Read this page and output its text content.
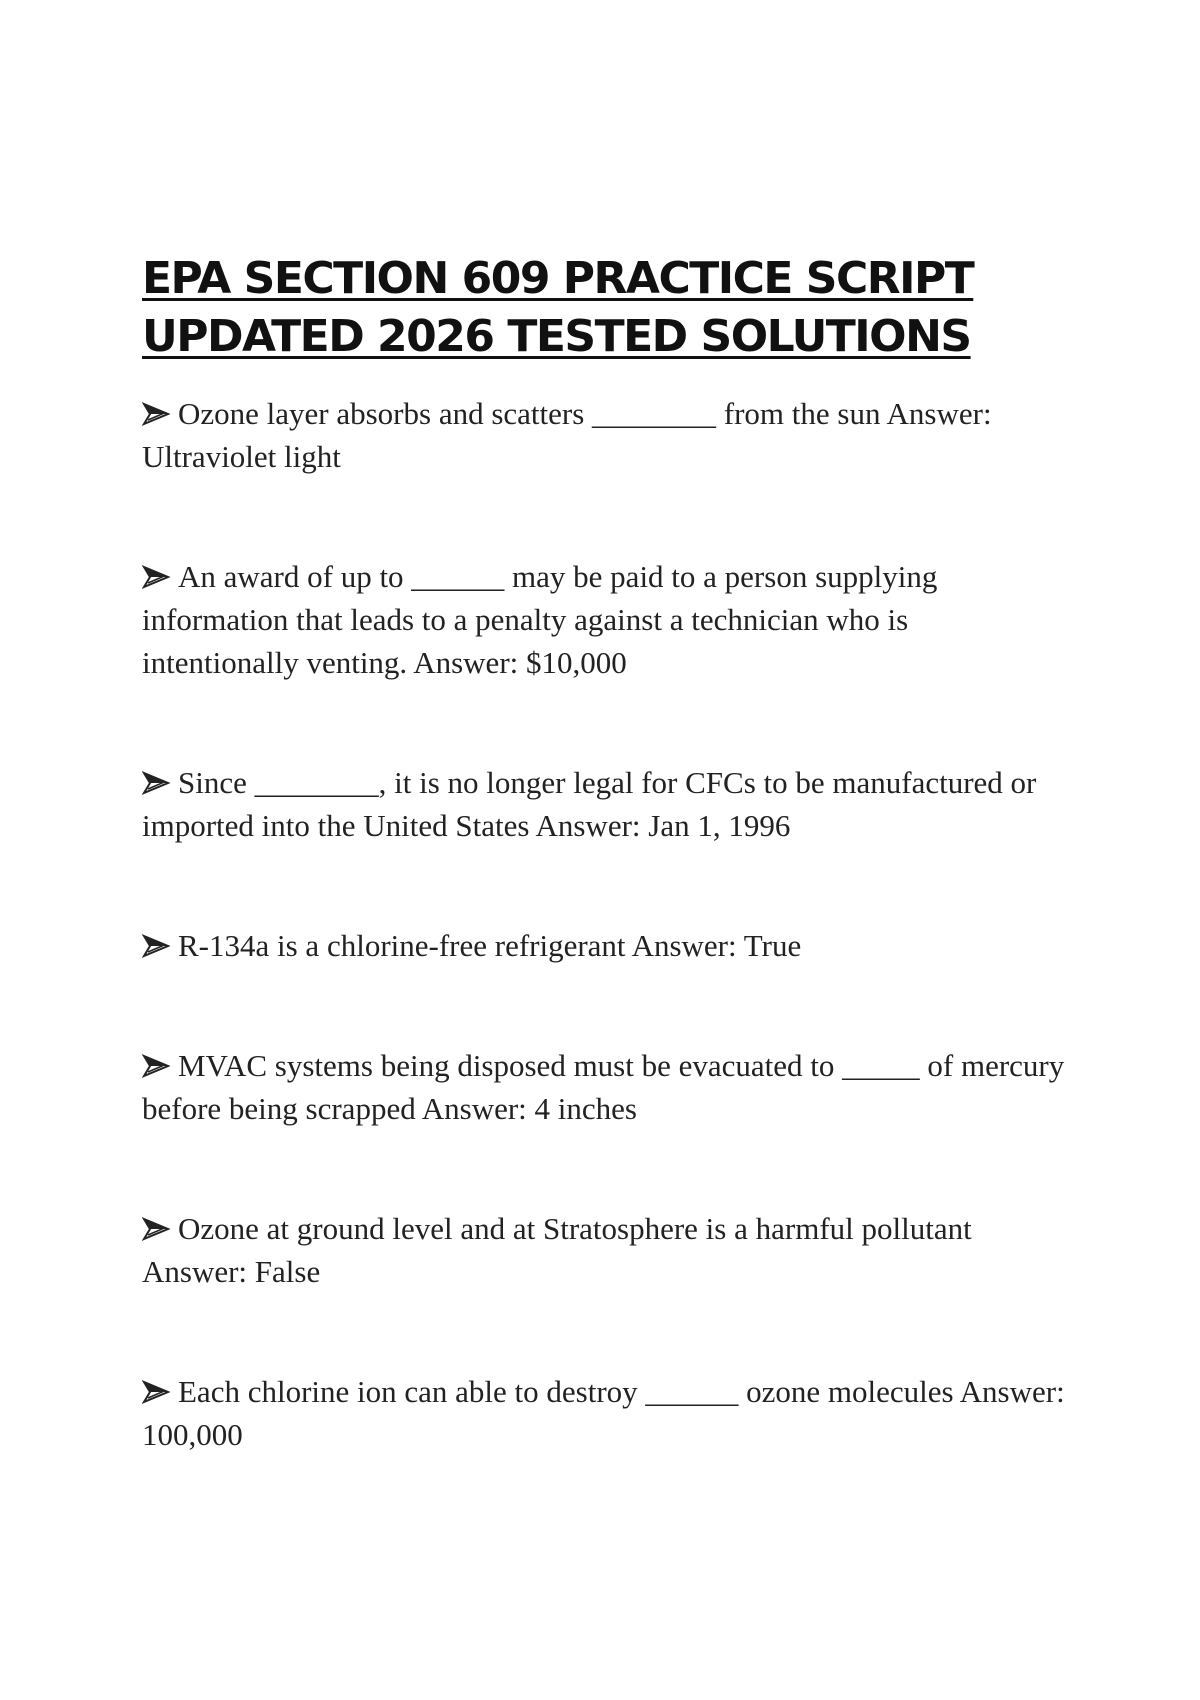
EPA SECTION 609 PRACTICE SCRIPT
UPDATED 2026 TESTED SOLUTIONS

Ozone layer absorbs and scatters ________ from the sun Answer: Ultraviolet light

An award of up to ______ may be paid to a person supplying information that leads to a penalty against a technician who is intentionally venting. Answer: $10,000

Since ________, it is no longer legal for CFCs to be manufactured or imported into the United States Answer: Jan 1, 1996

R-134a is a chlorine-free refrigerant Answer: True

MVAC systems being disposed must be evacuated to _____ of mercury before being scrapped Answer: 4 inches

Ozone at ground level and at Stratosphere is a harmful pollutant Answer: False

Each chlorine ion can able to destroy ______ ozone molecules Answer: 100,000
